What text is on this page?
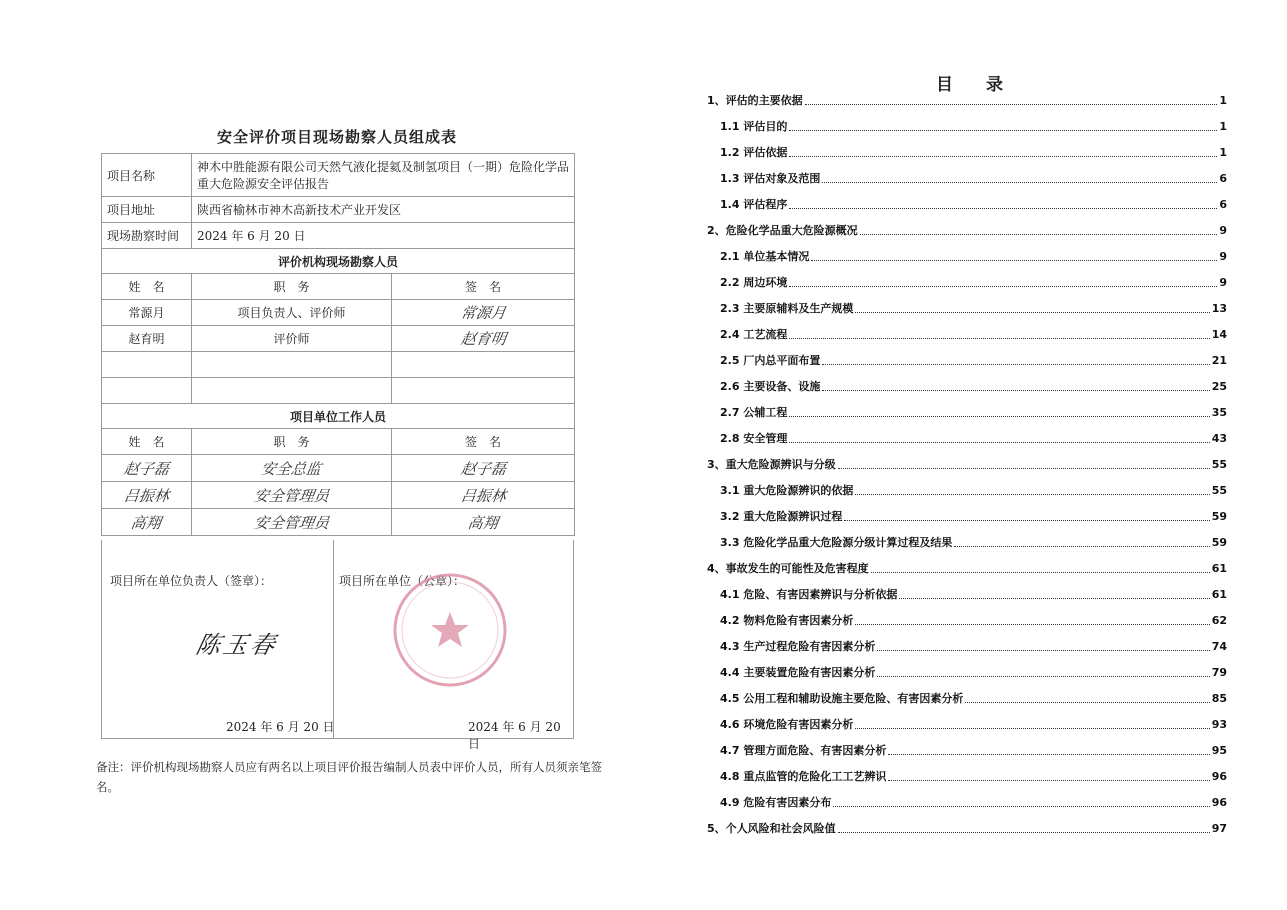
安全评价项目现场勘察人员组成表
项目名称	神木中胜能源有限公司天然气液化提氦及制氢项目（一期）危险化学品重大危险源安全评估报告	
项目地址	陕西省榆林市神木高新技术产业开发区	
现场勘察时间	2024 年 6 月 20 日	
评价机构现场勘察人员		
姓　名	职　务	签　名
常源月	项目负责人、评价师	常源月
赵育明	评价师	赵育明

项目单位工作人员		
姓　名	职　务	签　名
赵子磊	安全总监	赵子磊
吕振林	安全管理员	吕振林
高翔	安全管理员	高翔
项目所在单位负责人（签章）：
陈玉春
2024 年 6 月 20 日
项目所在单位（公章）：
2024 年 6 月 20 日
备注：评价机构现场勘察人员应有两名以上项目评价报告编制人员表中评价人员，所有人员须亲笔签名。
目　录
1、评估的主要依据	1
1.1 评估目的	1
1.2 评估依据	1
1.3 评估对象及范围	6
1.4 评估程序	6
2、危险化学品重大危险源概况	9
2.1 单位基本情况	9
2.2 周边环境	9
2.3 主要原辅料及生产规模	13
2.4 工艺流程	14
2.5 厂内总平面布置	21
2.6 主要设备、设施	25
2.7 公辅工程	35
2.8 安全管理	43
3、重大危险源辨识与分级	55
3.1 重大危险源辨识的依据	55
3.2 重大危险源辨识过程	59
3.3 危险化学品重大危险源分级计算过程及结果	59
4、事故发生的可能性及危害程度	61
4.1 危险、有害因素辨识与分析依据	61
4.2 物料危险有害因素分析	62
4.3 生产过程危险有害因素分析	74
4.4 主要装置危险有害因素分析	79
4.5 公用工程和辅助设施主要危险、有害因素分析	85
4.6 环境危险有害因素分析	93
4.7 管理方面危险、有害因素分析	95
4.8 重点监管的危险化工工艺辨识	96
4.9 危险有害因素分布	96
5、个人风险和社会风险值	97
